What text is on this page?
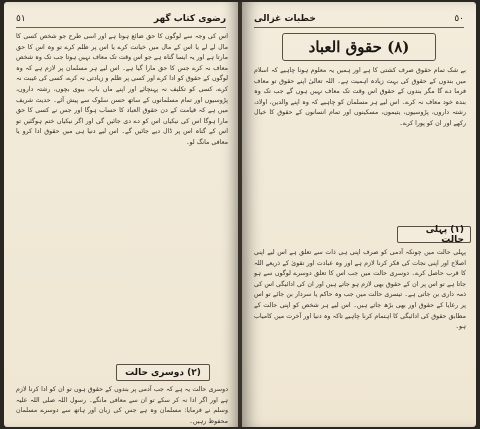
٥١	رضوی کتاب گھر

اس کی وجہ سے لوگوں کا حق ضائع ہوتا ہے اور اسی طرح جو شخص کسی کا مال لے لے یا اس کے مال میں خیانت کرے یا اس پر ظلم کرے تو وہ اس کا حق مارتا ہے اور یہ ایسا گناہ ہے جو اس وقت تک معاف نہیں ہوتا جب تک وہ شخص معاف نہ کرے جس کا حق مارا گیا ہے۔ اس لیے ہر مسلمان پر لازم ہے کہ وہ لوگوں کے حقوق کو ادا کرے اور کسی پر ظلم و زیادتی نہ کرے، کسی کی غیبت نہ کرے، کسی کو تکلیف نہ پہنچائے اور اپنے ماں باپ، بیوی بچوں، رشتہ داروں، پڑوسیوں اور تمام مسلمانوں کے ساتھ حسن سلوک سے پیش آئے۔ حدیث شریف میں ہے کہ قیامت کے دن حقوق العباد کا حساب ہوگا اور جس نے کسی کا حق مارا ہوگا اس کی نیکیاں اس کو دے دی جائیں گی اور اگر نیکیاں ختم ہوگئیں تو اس کے گناہ اس پر ڈال دیے جائیں گے۔ اس لیے دنیا ہی میں حقوق ادا کرو یا معافی مانگ لو۔

(٢) دوسری حالت

دوسری حالت یہ ہے کہ جب آدمی پر بندوں کے حقوق ہوں تو ان کو ادا کرنا لازم ہے اور اگر ادا نہ کر سکے تو ان سے معافی مانگے۔ رسول اللہ صلی اللہ علیہ وسلم نے فرمایا: مسلمان وہ ہے جس کی زبان اور ہاتھ سے دوسرے مسلمان محفوظ رہیں۔

خطبات غزالی	٥٠
(٨) حقوق العباد

بے شک تمام حقوق صرف کشتی کا ہے اور ہمیں یہ معلوم ہونا چاہیے کہ اسلام میں بندوں کے حقوق کی بہت زیادہ اہمیت ہے۔ اللہ تعالیٰ اپنے حقوق تو معاف فرما دے گا مگر بندوں کے حقوق اس وقت تک معاف نہیں ہوں گے جب تک وہ بندہ خود معاف نہ کرے۔ اس لیے ہر مسلمان کو چاہیے کہ وہ اپنے والدین، اولاد، رشتہ داروں، پڑوسیوں، یتیموں، مسکینوں اور تمام انسانوں کے حقوق کا خیال رکھے اور ان کو پورا کرے۔

(١) پہلی حالت

پہلی حالت میں چونکہ آدمی کو صرف اپنی ہی ذات سے تعلق ہے اس لیے اپنی اصلاح اور اپنی نجات کی فکر کرنا لازم ہے اور وہ عبادت اور تقویٰ کے ذریعے اللہ کا قرب حاصل کرے۔ دوسری حالت میں جب اس کا تعلق دوسرے لوگوں سے ہو جاتا ہے تو اس پر ان کے حقوق بھی لازم ہو جاتے ہیں اور ان کی ادائیگی اس کی ذمہ داری بن جاتی ہے۔ تیسری حالت میں جب وہ حاکم یا سردار بن جائے تو اس پر رعایا کے حقوق اور بھی بڑھ جاتے ہیں۔ اس لیے ہر شخص کو اپنی حالت کے مطابق حقوق کی ادائیگی کا اہتمام کرنا چاہیے تاکہ وہ دنیا اور آخرت میں کامیاب ہو۔
